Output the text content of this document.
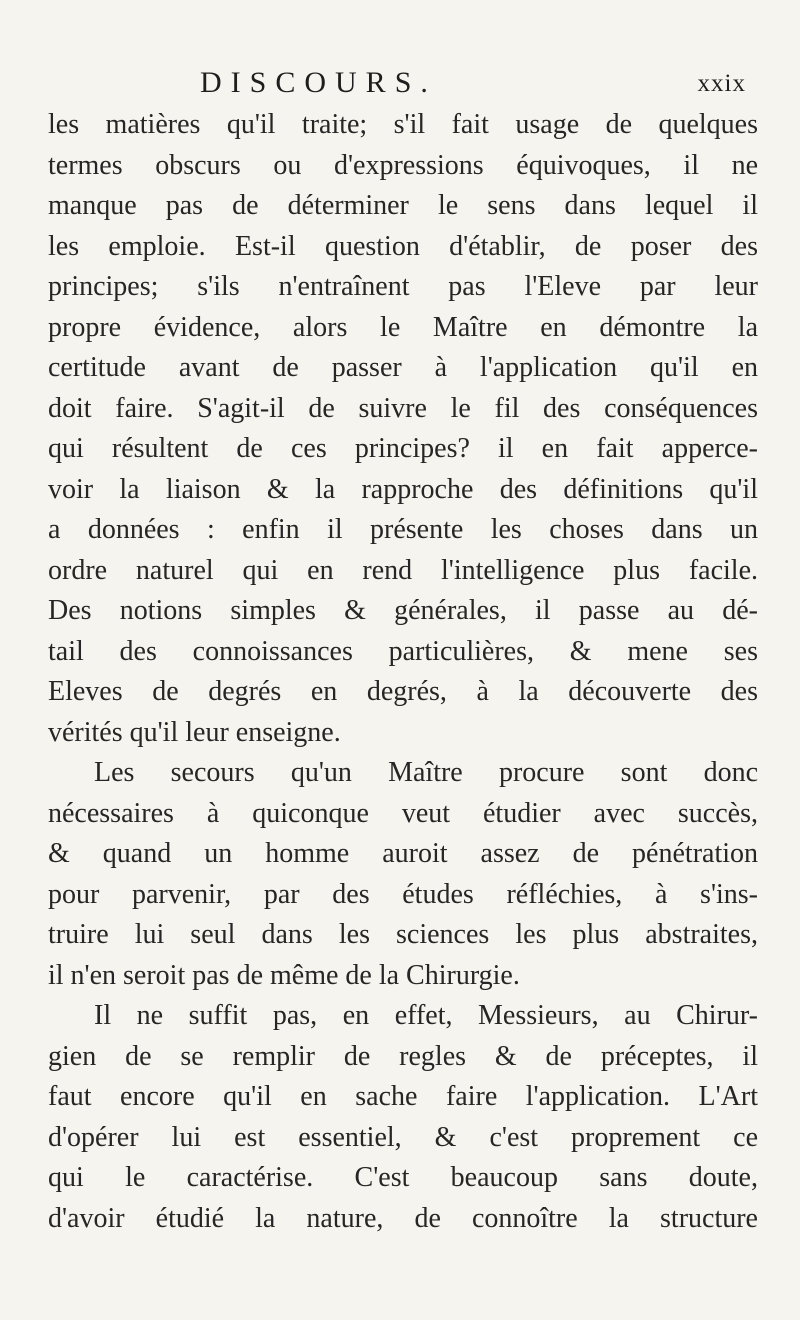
DISCOURS.	xxix
les matières qu'il traite; s'il fait usage de quelques
termes obscurs ou d'expressions équivoques, il ne
manque pas de déterminer le sens dans lequel il
les emploie. Est-il question d'établir, de poser des
principes; s'ils n'entraînent pas l'Eleve par leur
propre évidence, alors le Maître en démontre la
certitude avant de passer à l'application qu'il en
doit faire. S'agit-il de suivre le fil des conséquences
qui résultent de ces principes? il en fait apperce-
voir la liaison & la rapproche des définitions qu'il
a données : enfin il présente les choses dans un
ordre naturel qui en rend l'intelligence plus facile.
Des notions simples & générales, il passe au dé-
tail des connoissances particulières, & mene ses
Eleves de degrés en degrés, à la découverte des
vérités qu'il leur enseigne.
Les secours qu'un Maître procure sont donc
nécessaires à quiconque veut étudier avec succès,
& quand un homme auroit assez de pénétration
pour parvenir, par des études réfléchies, à s'ins-
truire lui seul dans les sciences les plus abstraites,
il n'en seroit pas de même de la Chirurgie.
Il ne suffit pas, en effet, Messieurs, au Chirur-
gien de se remplir de regles & de préceptes, il
faut encore qu'il en sache faire l'application. L'Art
d'opérer lui est essentiel, & c'est proprement ce
qui le caractérise. C'est beaucoup sans doute,
d'avoir étudié la nature, de connoître la structure
